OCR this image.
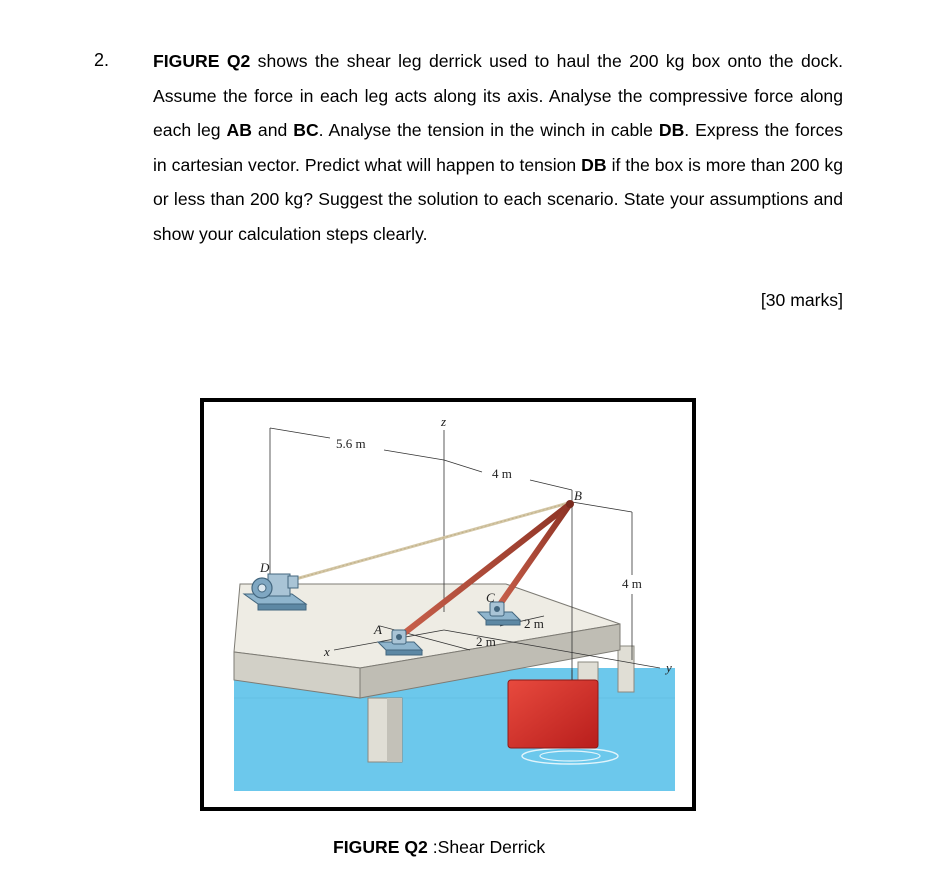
2. FIGURE Q2 shows the shear leg derrick used to haul the 200 kg box onto the dock. Assume the force in each leg acts along its axis. Analyse the compressive force along each leg AB and BC. Analyse the tension in the winch in cable DB. Express the forces in cartesian vector. Predict what will happen to tension DB if the box is more than 200 kg or less than 200 kg? Suggest the solution to each scenario. State your assumptions and show your calculation steps clearly.
[30 marks]
5.6 m
z
4 m
B
4 m
D
C
A
x
y
2 m
2 m
FIGURE Q2 :Shear Derrick
